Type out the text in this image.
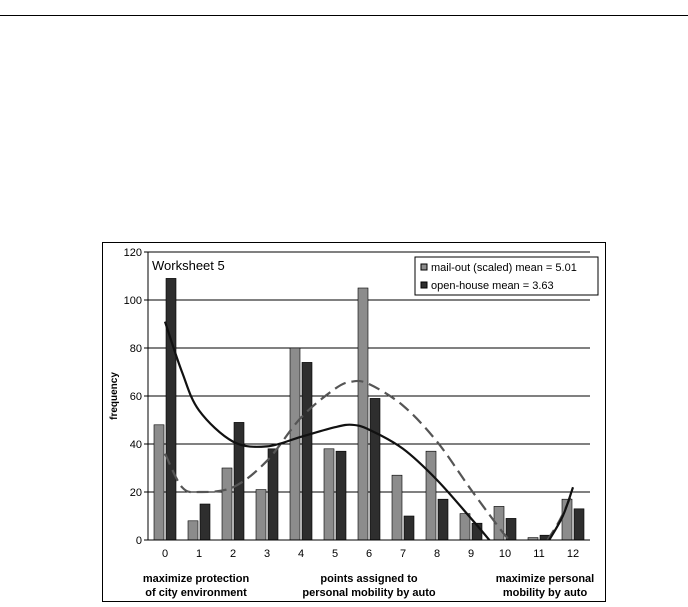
0
20
40
60
80
100
120
0	1	2	3	4	5	6	7	8	9 10 11 12
frequency
Worksheet 5	mail-out (scaled) mean = 5.01
open-house mean = 3.63
maximize protection
of city environment
points assigned to
personal mobility by auto
maximize personal
mobility by auto
